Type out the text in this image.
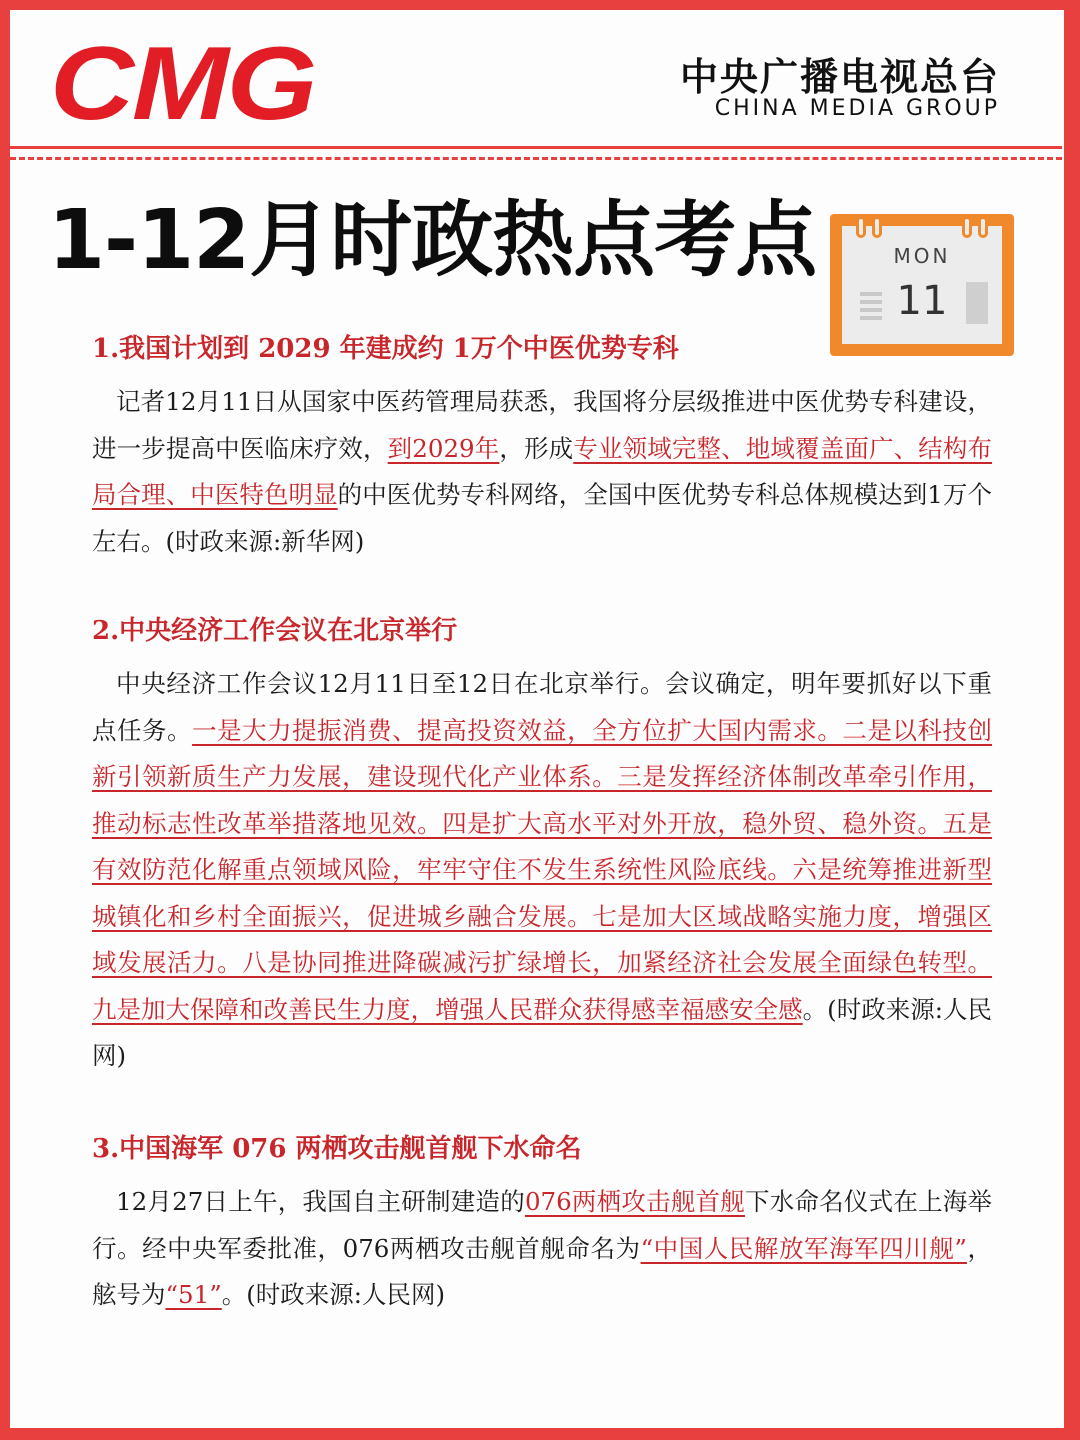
CMG	中央广播电视总台
CHINA MEDIA GROUP
1-12月时政热点考点	MON
11
1.我国计划到 2029 年建成约 1万个中医优势专科

记者12月11日从国家中医药管理局获悉，我国将分层级推进中医优势专科建设，进一步提高中医临床疗效，到2029年，形成专业领域完整、地域覆盖面广、结构布局合理、中医特色明显的中医优势专科网络，全国中医优势专科总体规模达到1万个左右。(时政来源:新华网)

2.中央经济工作会议在北京举行

中央经济工作会议12月11日至12日在北京举行。会议确定，明年要抓好以下重点任务。一是大力提振消费、提高投资效益，全方位扩大国内需求。二是以科技创新引领新质生产力发展，建设现代化产业体系。三是发挥经济体制改革牵引作用，推动标志性改革举措落地见效。四是扩大高水平对外开放，稳外贸、稳外资。五是有效防范化解重点领域风险，牢牢守住不发生系统性风险底线。六是统筹推进新型城镇化和乡村全面振兴，促进城乡融合发展。七是加大区域战略实施力度，增强区域发展活力。八是协同推进降碳减污扩绿增长，加紧经济社会发展全面绿色转型。九是加大保障和改善民生力度，增强人民群众获得感幸福感安全感。(时政来源:人民网)

3.中国海军 076 两栖攻击舰首舰下水命名

12月27日上午，我国自主研制建造的076两栖攻击舰首舰下水命名仪式在上海举行。经中央军委批准，076两栖攻击舰首舰命名为“中国人民解放军海军四川舰”，舷号为“51”。(时政来源:人民网)
